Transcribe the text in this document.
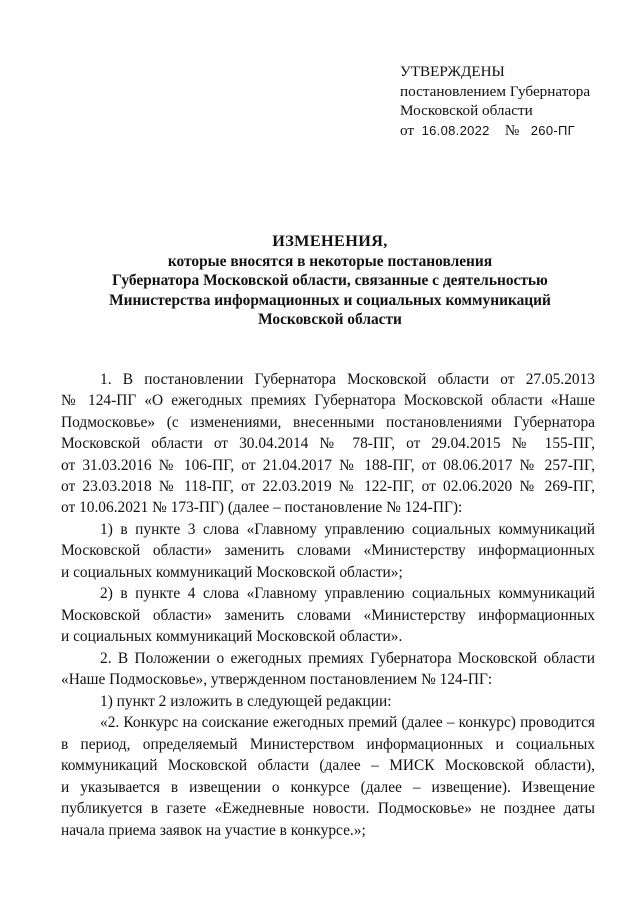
УТВЕРЖДЕНЫ
постановлением Губернатора
Московской области
от 16.08.2022 № 260-ПГ
ИЗМЕНЕНИЯ,
которые вносятся в некоторые постановления
Губернатора Московской области, связанные с деятельностью
Министерства информационных и социальных коммуникаций
Московской области
1. В постановлении Губернатора Московской области от 27.05.2013
№ 124-ПГ «О ежегодных премиях Губернатора Московской области «Наше
Подмосковье» (с изменениями, внесенными постановлениями Губернатора
Московской области от 30.04.2014 № 78-ПГ, от 29.04.2015 № 155-ПГ,
от 31.03.2016 № 106-ПГ, от 21.04.2017 № 188-ПГ, от 08.06.2017 № 257-ПГ,
от 23.03.2018 № 118-ПГ, от 22.03.2019 № 122-ПГ, от 02.06.2020 № 269-ПГ,
от 10.06.2021 № 173-ПГ) (далее – постановление № 124-ПГ):
1) в пункте 3 слова «Главному управлению социальных коммуникаций
Московской области» заменить словами «Министерству информационных
и социальных коммуникаций Московской области»;
2) в пункте 4 слова «Главному управлению социальных коммуникаций
Московской области» заменить словами «Министерству информационных
и социальных коммуникаций Московской области».
2. В Положении о ежегодных премиях Губернатора Московской области
«Наше Подмосковье», утвержденном постановлением № 124-ПГ:
1) пункт 2 изложить в следующей редакции:
«2. Конкурс на соискание ежегодных премий (далее – конкурс) проводится
в период, определяемый Министерством информационных и социальных
коммуникаций Московской области (далее – МИСК Московской области),
и указывается в извещении о конкурсе (далее – извещение). Извещение
публикуется в газете «Ежедневные новости. Подмосковье» не позднее даты
начала приема заявок на участие в конкурсе.»;
